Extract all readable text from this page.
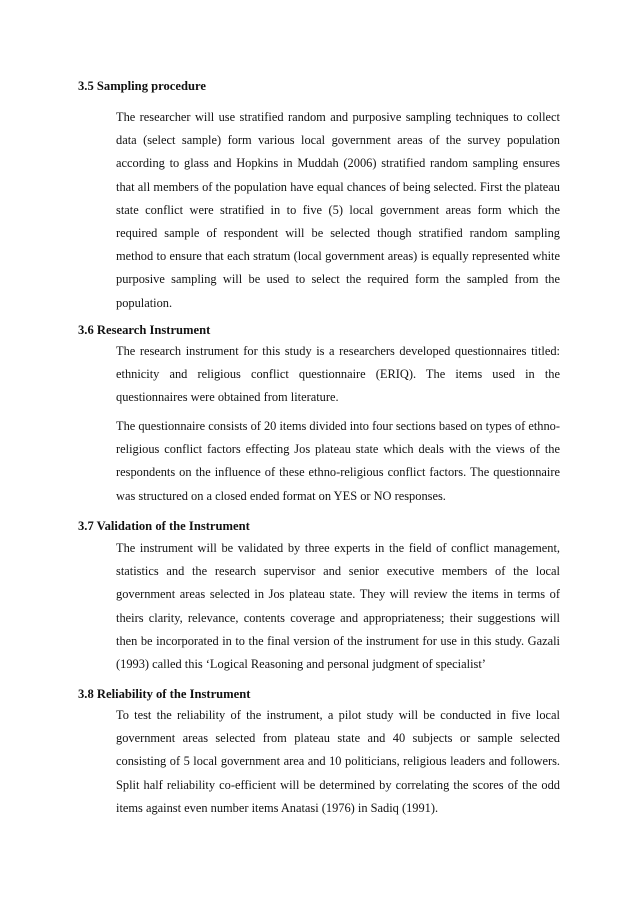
3.5 Sampling procedure

The researcher will use stratified random and purposive sampling techniques to collect data (select sample) form various local government areas of the survey population according to glass and Hopkins in Muddah (2006) stratified random sampling ensures that all members of the population have equal chances of being selected. First the plateau state conflict were stratified in to five (5) local government areas form which the required sample of respondent will be selected though stratified random sampling method to ensure that each stratum (local government areas) is equally represented white purposive sampling will be used to select the required form the sampled from the population.

3.6 Research Instrument

The research instrument for this study is a researchers developed questionnaires titled: ethnicity and religious conflict questionnaire (ERIQ). The items used in the questionnaires were obtained from literature.

The questionnaire consists of 20 items divided into four sections based on types of ethno-religious conflict factors effecting Jos plateau state which deals with the views of the respondents on the influence of these ethno-religious conflict factors. The questionnaire was structured on a closed ended format on YES or NO responses.

3.7 Validation of the Instrument

The instrument will be validated by three experts in the field of conflict management, statistics and the research supervisor and senior executive members of the local government areas selected in Jos plateau state. They will review the items in terms of theirs clarity, relevance, contents coverage and appropriateness; their suggestions will then be incorporated in to the final version of the instrument for use in this study. Gazali (1993) called this ‘Logical Reasoning and personal judgment of specialist’

3.8 Reliability of the Instrument

To test the reliability of the instrument, a pilot study will be conducted in five local government areas selected from plateau state and 40 subjects or sample selected consisting of 5 local government area and 10 politicians, religious leaders and followers. Split half reliability co-efficient will be determined by correlating the scores of the odd items against even number items Anatasi (1976) in Sadiq (1991).
